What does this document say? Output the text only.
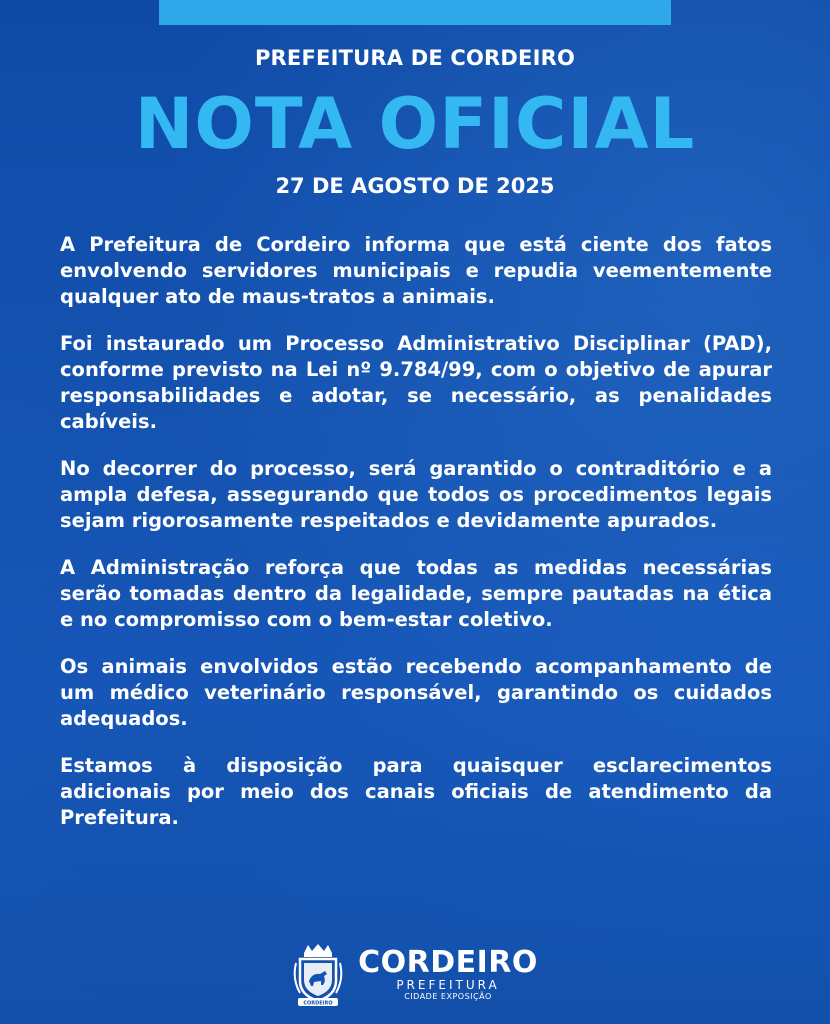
PREFEITURA DE CORDEIRO
NOTA OFICIAL
27 DE AGOSTO DE 2025

A Prefeitura de Cordeiro informa que está ciente dos fatos envolvendo servidores municipais e repudia veementemente qualquer ato de maus-tratos a animais.

Foi instaurado um Processo Administrativo Disciplinar (PAD), conforme previsto na Lei nº 9.784/99, com o objetivo de apurar responsabilidades e adotar, se necessário, as penalidades cabíveis.

No decorrer do processo, será garantido o contraditório e a ampla defesa, assegurando que todos os procedimentos legais sejam rigorosamente respeitados e devidamente apurados.

A Administração reforça que todas as medidas necessárias serão tomadas dentro da legalidade, sempre pautadas na ética e no compromisso com o bem-estar coletivo.

Os animais envolvidos estão recebendo acompanhamento de um médico veterinário responsável, garantindo os cuidados adequados.

Estamos à disposição para quaisquer esclarecimentos adicionais por meio dos canais oficiais de atendimento da Prefeitura.

CORDEIRO
CORDEIRO
PREFEITURA
CIDADE EXPOSIÇÃO
